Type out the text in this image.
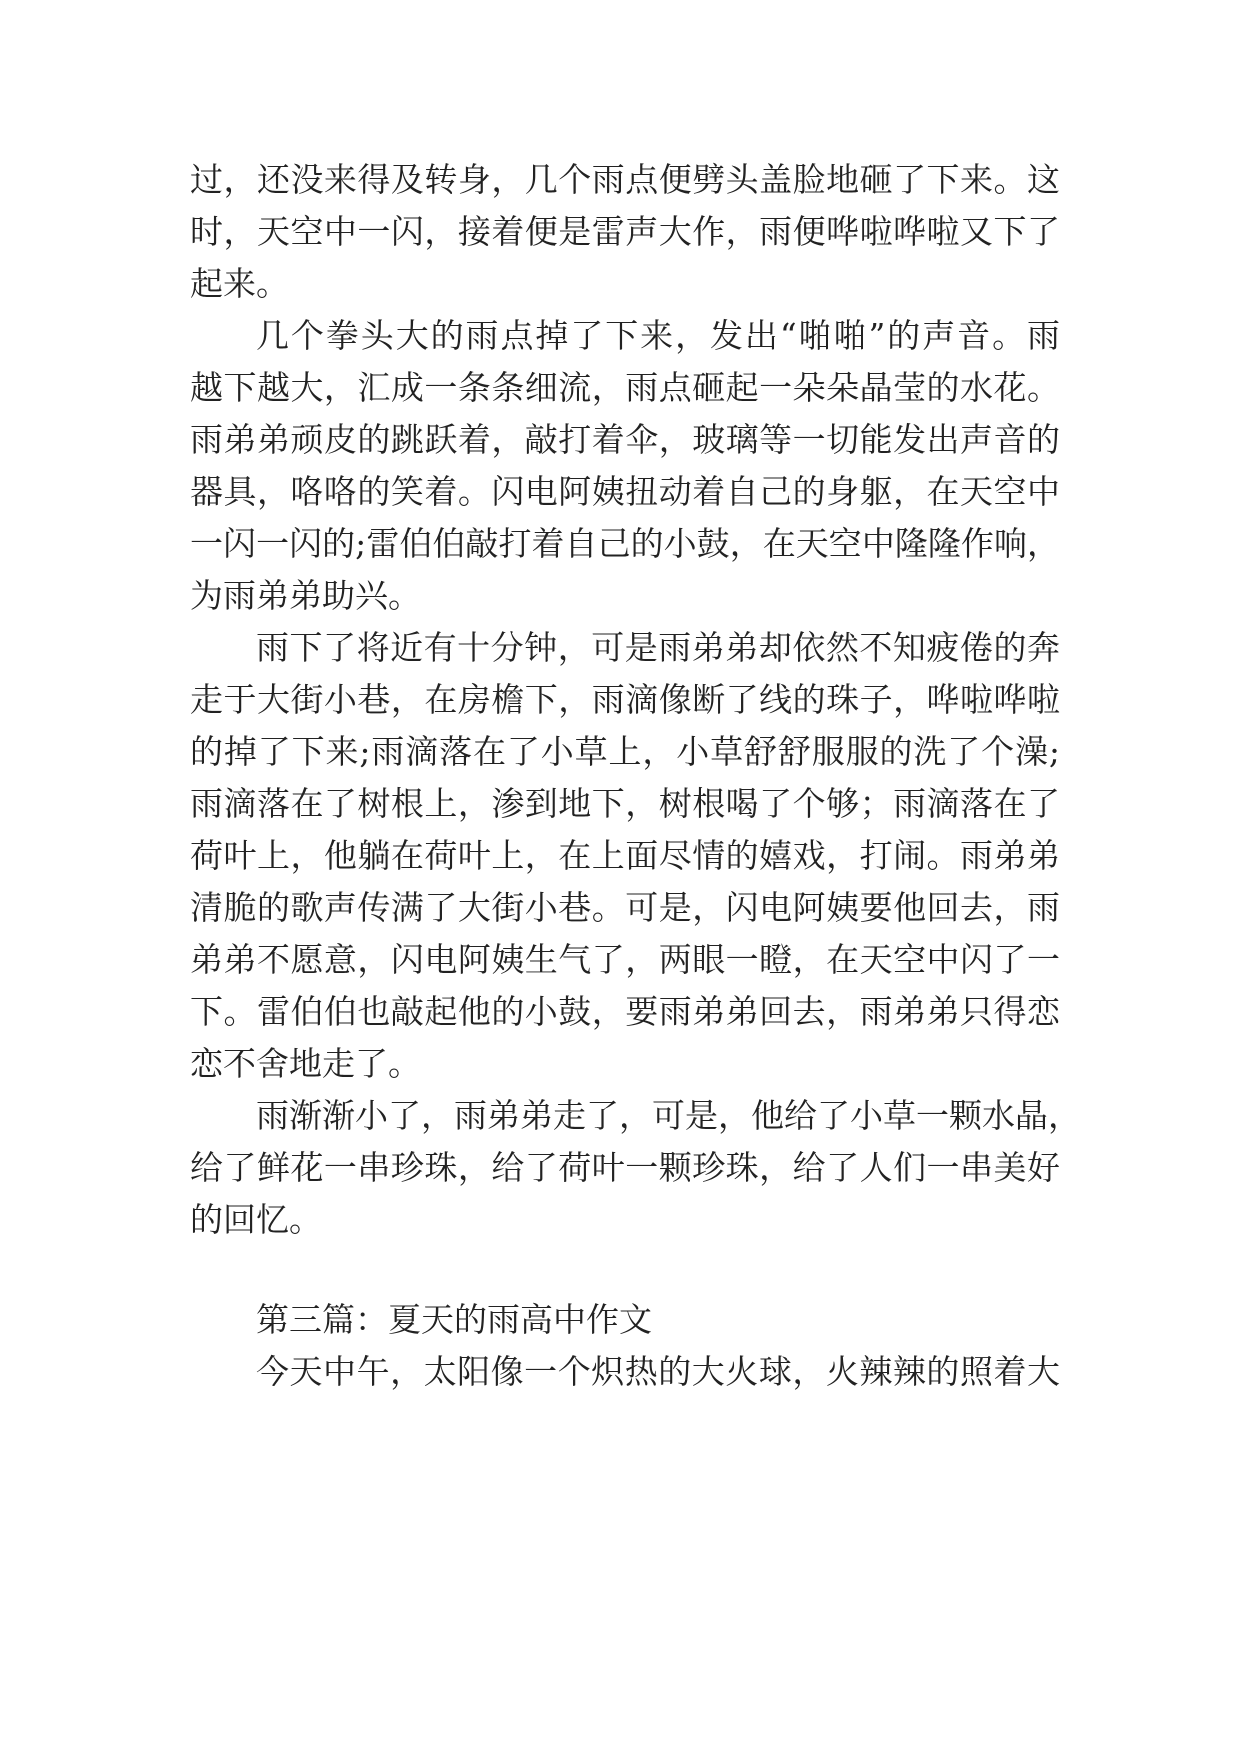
过，还没来得及转身，几个雨点便劈头盖脸地砸了下来。这
时，天空中一闪，接着便是雷声大作，雨便哗啦哗啦又下了
起来。
几个拳头大的雨点掉了下来，发出“啪啪”的声音。雨
越下越大，汇成一条条细流，雨点砸起一朵朵晶莹的水花。
雨弟弟顽皮的跳跃着，敲打着伞，玻璃等一切能发出声音的
器具，咯咯的笑着。闪电阿姨扭动着自己的身躯，在天空中
一闪一闪的;雷伯伯敲打着自己的小鼓，在天空中隆隆作响，
为雨弟弟助兴。
雨下了将近有十分钟，可是雨弟弟却依然不知疲倦的奔
走于大街小巷，在房檐下，雨滴像断了线的珠子，哗啦哗啦
的掉了下来;雨滴落在了小草上，小草舒舒服服的洗了个澡;
雨滴落在了树根上，渗到地下，树根喝了个够；雨滴落在了
荷叶上，他躺在荷叶上，在上面尽情的嬉戏，打闹。雨弟弟
清脆的歌声传满了大街小巷。可是，闪电阿姨要他回去，雨
弟弟不愿意，闪电阿姨生气了，两眼一瞪，在天空中闪了一
下。雷伯伯也敲起他的小鼓，要雨弟弟回去，雨弟弟只得恋
恋不舍地走了。
雨渐渐小了，雨弟弟走了，可是，他给了小草一颗水晶，
给了鲜花一串珍珠，给了荷叶一颗珍珠，给了人们一串美好
的回忆。
第三篇：夏天的雨高中作文
今天中午，太阳像一个炽热的大火球，火辣辣的照着大
